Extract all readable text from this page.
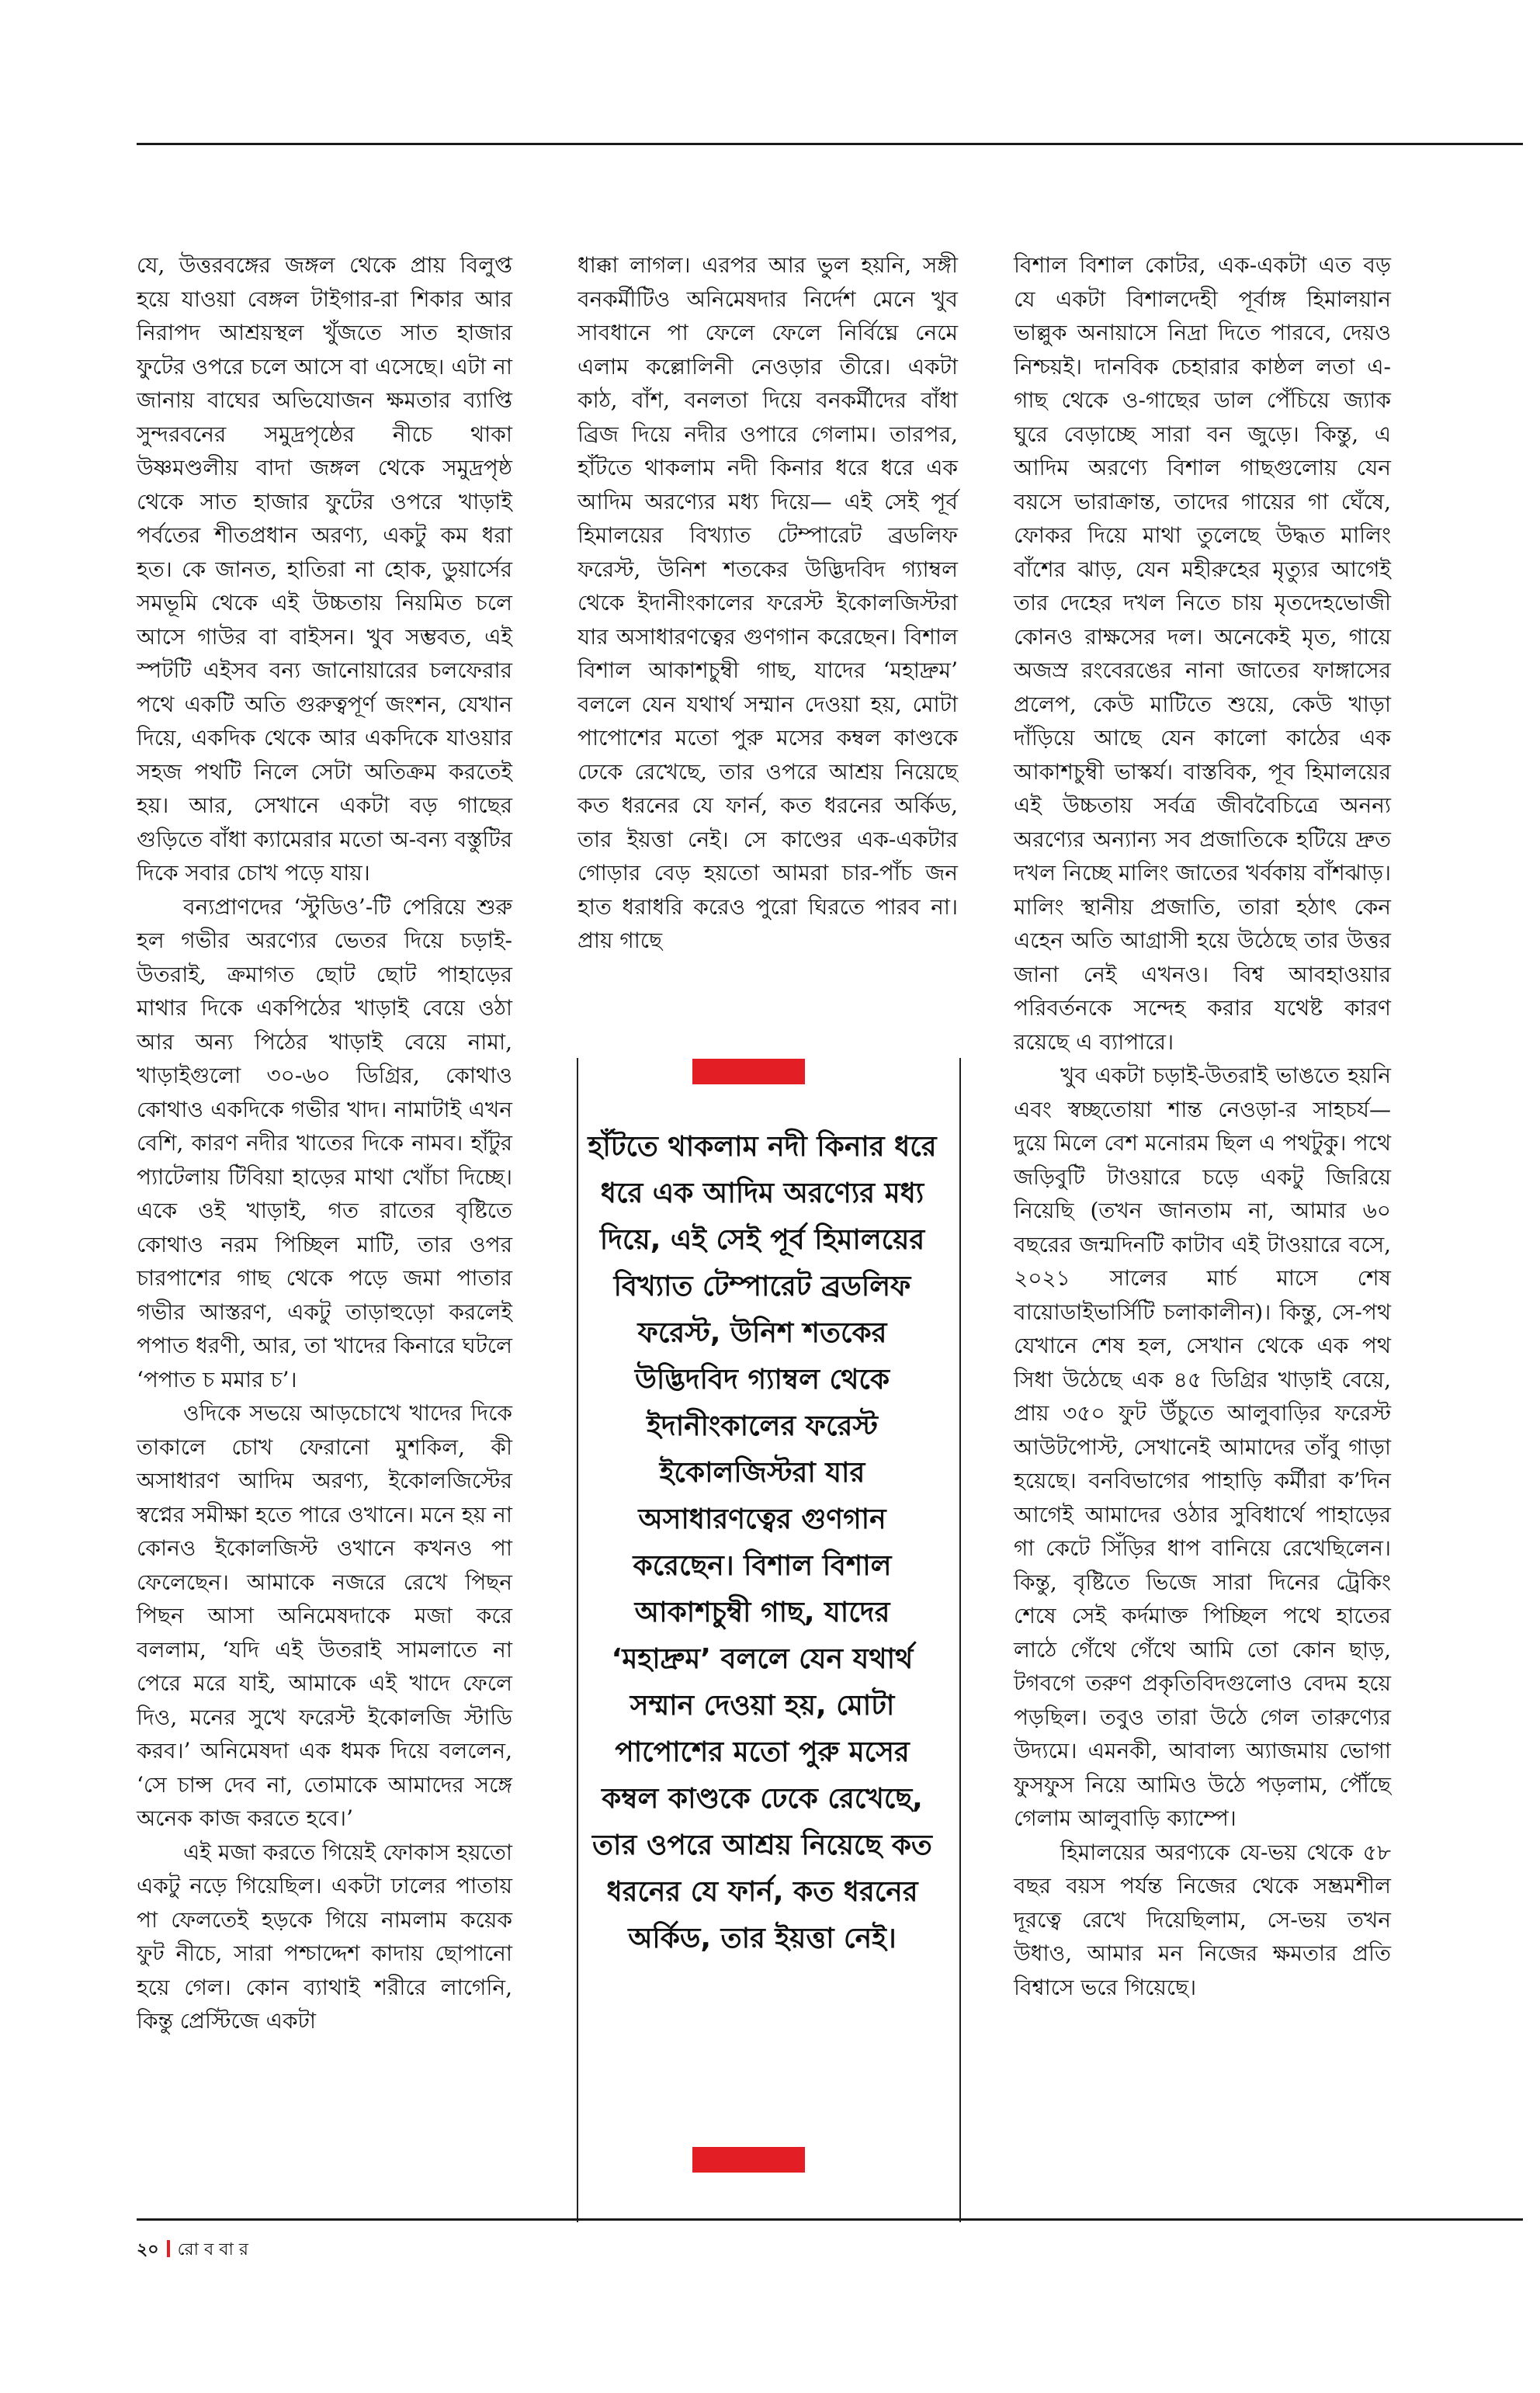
যে, উত্তরবঙ্গের জঙ্গল থেকে প্রায় বিলুপ্ত হয়ে যাওয়া বেঙ্গল টাইগার-রা শিকার আর নিরাপদ আশ্রয়স্থল খুঁজতে সাত হাজার ফুটের ওপরে চলে আসে বা এসেছে। এটা না জানায় বাঘের অভিযোজন ক্ষমতার ব্যাপ্তি সুন্দরবনের সমুদ্রপৃষ্ঠের নীচে থাকা উষ্ণমণ্ডলীয় বাদা জঙ্গল থেকে সমুদ্রপৃষ্ঠ থেকে সাত হাজার ফুটের ওপরে খাড়াই পর্বতের শীতপ্রধান অরণ্য, একটু কম ধরা হত। কে জানত, হাতিরা না হোক, ডুয়ার্সের সমভূমি থেকে এই উচ্চতায় নিয়মিত চলে আসে গাউর বা বাইসন। খুব সম্ভবত, এই স্পটটি এইসব বন্য জানোয়ারের চলফেরার পথে একটি অতি গুরুত্বপূর্ণ জংশন, যেখান দিয়ে, একদিক থেকে আর একদিকে যাওয়ার সহজ পথটি নিলে সেটা অতিক্রম করতেই হয়। আর, সেখানে একটা বড় গাছের গুড়িতে বাঁধা ক্যামেরার মতো অ-বন্য বস্তুটির দিকে সবার চোখ পড়ে যায়।

বন্যপ্রাণদের ‘স্টুডিও’-টি পেরিয়ে শুরু হল গভীর অরণ্যের ভেতর দিয়ে চড়াই-উতরাই, ক্রমাগত ছোট ছোট পাহাড়ের মাথার দিকে একপিঠের খাড়াই বেয়ে ওঠা আর অন্য পিঠের খাড়াই বেয়ে নামা, খাড়াইগুলো ৩০-৬০ ডিগ্রির, কোথাও কোথাও একদিকে গভীর খাদ। নামাটাই এখন বেশি, কারণ নদীর খাতের দিকে নামব। হাঁটুর প্যাটেলায় টিবিয়া হাড়ের মাথা খোঁচা দিচ্ছে। একে ওই খাড়াই, গত রাতের বৃষ্টিতে কোথাও নরম পিচ্ছিল মাটি, তার ওপর চারপাশের গাছ থেকে পড়ে জমা পাতার গভীর আস্তরণ, একটু তাড়াহুড়ো করলেই পপাত ধরণী, আর, তা খাদের কিনারে ঘটলে ‘পপাত চ মমার চ’।

ওদিকে সভয়ে আড়চোখে খাদের দিকে তাকালে চোখ ফেরানো মুশকিল, কী অসাধারণ আদিম অরণ্য, ইকোলজিস্টের স্বপ্নের সমীক্ষা হতে পারে ওখানে। মনে হয় না কোনও ইকোলজিস্ট ওখানে কখনও পা ফেলেছেন। আমাকে নজরে রেখে পিছন পিছন আসা অনিমেষদাকে মজা করে বললাম, ‘যদি এই উতরাই সামলাতে না পেরে মরে যাই, আমাকে এই খাদে ফেলে দিও, মনের সুখে ফরেস্ট ইকোলজি স্টাডি করব।’ অনিমেষদা এক ধমক দিয়ে বললেন, ‘সে চান্স দেব না, তোমাকে আমাদের সঙ্গে অনেক কাজ করতে হবে।’

এই মজা করতে গিয়েই ফোকাস হয়তো একটু নড়ে গিয়েছিল। একটা ঢালের পাতায় পা ফেলতেই হড়কে গিয়ে নামলাম কয়েক ফুট নীচে, সারা পশ্চাদ্দেশ কাদায় ছোপানো হয়ে গেল। কোন ব্যাথাই শরীরে লাগেনি, কিন্তু প্রেস্টিজে একটা

ধাক্কা লাগল। এরপর আর ভুল হয়নি, সঙ্গী বনকর্মীটিও অনিমেষদার নির্দেশ মেনে খুব সাবধানে পা ফেলে ফেলে নির্বিঘ্নে নেমে এলাম কল্লোলিনী নেওড়ার তীরে। একটা কাঠ, বাঁশ, বনলতা দিয়ে বনকর্মীদের বাঁধা ব্রিজ দিয়ে নদীর ওপারে গেলাম। তারপর, হাঁটতে থাকলাম নদী কিনার ধরে ধরে এক আদিম অরণ্যের মধ্য দিয়ে— এই সেই পূর্ব হিমালয়ের বিখ্যাত টেম্পারেট ব্রডলিফ ফরেস্ট, উনিশ শতকের উদ্ভিদবিদ গ্যাম্বল থেকে ইদানীংকালের ফরেস্ট ইকোলজিস্টরা যার অসাধারণত্বের গুণগান করেছেন। বিশাল বিশাল আকাশচুম্বী গাছ, যাদের ‘মহাদ্রুম’ বললে যেন যথার্থ সম্মান দেওয়া হয়, মোটা পাপোশের মতো পুরু মসের কম্বল কাণ্ডকে ঢেকে রেখেছে, তার ওপরে আশ্রয় নিয়েছে কত ধরনের যে ফার্ন, কত ধরনের অর্কিড, তার ইয়ত্তা নেই। সে কাণ্ডের এক-একটার গোড়ার বেড় হয়তো আমরা চার-পাঁচ জন হাত ধরাধরি করেও পুরো ঘিরতে পারব না। প্রায় গাছে

বিশাল বিশাল কোটর, এক-একটা এত বড় যে একটা বিশালদেহী পূর্বাঙ্গ হিমালয়ান ভাল্লুক অনায়াসে নিদ্রা দিতে পারবে, দেয়ও নিশ্চয়ই। দানবিক চেহারার কাষ্ঠল লতা এ-গাছ থেকে ও-গাছের ডাল পেঁচিয়ে জ্যাক ঘুরে বেড়াচ্ছে সারা বন জুড়ে। কিন্তু, এ আদিম অরণ্যে বিশাল গাছগুলোয় যেন বয়সে ভারাক্রান্ত, তাদের গায়ের গা ঘেঁষে, ফোকর দিয়ে মাথা তুলেছে উদ্ধত মালিং বাঁশের ঝাড়, যেন মহীরুহের মৃত্যুর আগেই তার দেহের দখল নিতে চায় মৃতদেহভোজী কোনও রাক্ষসের দল। অনেকেই মৃত, গায়ে অজস্র রংবেরঙের নানা জাতের ফাঙ্গাসের প্রলেপ, কেউ মাটিতে শুয়ে, কেউ খাড়া দাঁড়িয়ে আছে যেন কালো কাঠের এক আকাশচুম্বী ভাস্কর্য। বাস্তবিক, পূব হিমালয়ের এই উচ্চতায় সর্বত্র জীববৈচিত্রে অনন্য অরণ্যের অন্যান্য সব প্রজাতিকে হটিয়ে দ্রুত দখল নিচ্ছে মালিং জাতের খর্বকায় বাঁশঝাড়। মালিং স্থানীয় প্রজাতি, তারা হঠাৎ কেন এহেন অতি আগ্রাসী হয়ে উঠেছে তার উত্তর জানা নেই এখনও। বিশ্ব আবহাওয়ার পরিবর্তনকে সন্দেহ করার যথেষ্ট কারণ রয়েছে এ ব্যাপারে।

খুব একটা চড়াই-উতরাই ভাঙতে হয়নি এবং স্বচ্ছতোয়া শান্ত নেওড়া-র সাহচর্য— দুয়ে মিলে বেশ মনোরম ছিল এ পথটুকু। পথে জড়িবুটি টাওয়ারে চড়ে একটু জিরিয়ে নিয়েছি (তখন জানতাম না, আমার ৬০ বছরের জন্মদিনটি কাটাব এই টাওয়ারে বসে, ২০২১ সালের মার্চ মাসে শেষ বায়োডাইভার্সিটি চলাকালীন)। কিন্তু, সে-পথ যেখানে শেষ হল, সেখান থেকে এক পথ সিধা উঠেছে এক ৪৫ ডিগ্রির খাড়াই বেয়ে, প্রায় ৩৫০ ফুট উঁচুতে আলুবাড়ির ফরেস্ট আউটপোস্ট, সেখানেই আমাদের তাঁবু গাড়া হয়েছে। বনবিভাগের পাহাড়ি কর্মীরা ক’দিন আগেই আমাদের ওঠার সুবিধার্থে পাহাড়ের গা কেটে সিঁড়ির ধাপ বানিয়ে রেখেছিলেন। কিন্তু, বৃষ্টিতে ভিজে সারা দিনের ট্রেকিং শেষে সেই কর্দমাক্ত পিচ্ছিল পথে হাতের লাঠে গেঁথে গেঁথে আমি তো কোন ছাড়, টগবগে তরুণ প্রকৃতিবিদগুলোও বেদম হয়ে পড়ছিল। তবুও তারা উঠে গেল তারুণ্যের উদ্যমে। এমনকী, আবাল্য অ্যাজমায় ভোগা ফুসফুস নিয়ে আমিও উঠে পড়লাম, পৌঁছে গেলাম আলুবাড়ি ক্যাম্পে।

হিমালয়ের অরণ্যকে যে-ভয় থেকে ৫৮ বছর বয়স পর্যন্ত নিজের থেকে সম্ভ্রমশীল দূরত্বে রেখে দিয়েছিলাম, সে-ভয় তখন উধাও, আমার মন নিজের ক্ষমতার প্রতি বিশ্বাসে ভরে গিয়েছে।

হাঁটতে থাকলাম নদী কিনার ধরে ধরে এক আদিম অরণ্যের মধ্য দিয়ে, এই সেই পূর্ব হিমালয়ের বিখ্যাত টেম্পারেট ব্রডলিফ ফরেস্ট, উনিশ শতকের উদ্ভিদবিদ গ্যাম্বল থেকে ইদানীংকালের ফরেস্ট ইকোলজিস্টরা যার অসাধারণত্বের গুণগান করেছেন। বিশাল বিশাল আকাশচুম্বী গাছ, যাদের ‘মহাদ্রুম’ বললে যেন যথার্থ সম্মান দেওয়া হয়, মোটা পাপোশের মতো পুরু মসের কম্বল কাণ্ডকে ঢেকে রেখেছে, তার ওপরে আশ্রয় নিয়েছে কত ধরনের যে ফার্ন, কত ধরনের অর্কিড, তার ইয়ত্তা নেই।

২০ রো ব বা র
